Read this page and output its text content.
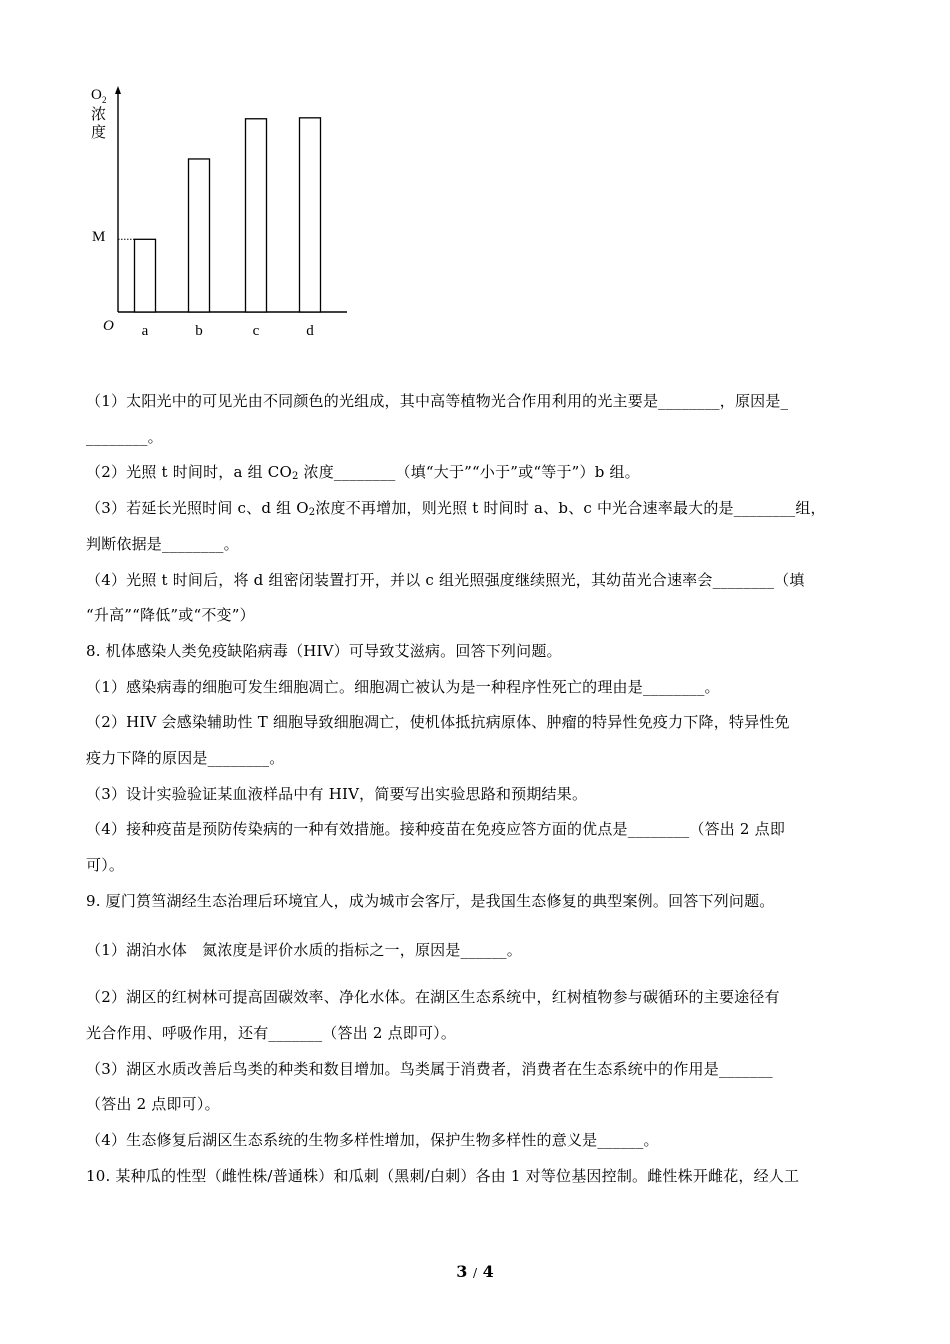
O 2
浓
度
M
O a	b	c	d
（1）太阳光中的可见光由不同颜色的光组成，其中高等植物光合作用利用的光主要是________，原因是_
________。
（2）光照 t 时间时，a 组 $CO_2$ 浓度________（填“大于”“小于”或“等于”）b 组。
（3）若延长光照时间 c、d 组 $O_2$浓度不再增加，则光照 t 时间时 a、b、c 中光合速率最大的是________组，
判断依据是________。
（4）光照 t 时间后，将 d 组密闭装置打开，并以 c 组光照强度继续照光，其幼苗光合速率会________（填
“升高”“降低”或“不变”）
8. 机体感染人类免疫缺陷病毒（HIV）可导致艾滋病。回答下列问题。
（1）感染病毒的细胞可发生细胞凋亡。细胞凋亡被认为是一种程序性死亡的理由是________。
（2）HIV 会感染辅助性 T 细胞导致细胞凋亡，使机体抵抗病原体、肿瘤的特异性免疫力下降，特异性免
疫力下降的原因是________。
（3）设计实验验证某血液样品中有 HIV，简要写出实验思路和预期结果。
（4）接种疫苗是预防传染病的一种有效措施。接种疫苗在免疫应答方面的优点是________（答出 2 点即
可）。
9. 厦门筼筜湖经生态治理后环境宜人，成为城市会客厅，是我国生态修复的典型案例。回答下列问题。
（1）湖泊水体　氮浓度是评价水质的指标之一，原因是______。
（2）湖区的红树林可提高固碳效率、净化水体。在湖区生态系统中，红树植物参与碳循环的主要途径有
光合作用、呼吸作用，还有_______（答出 2 点即可）。
（3）湖区水质改善后鸟类的种类和数目增加。鸟类属于消费者，消费者在生态系统中的作用是_______
（答出 2 点即可）。
（4）生态修复后湖区生态系统的生物多样性增加，保护生物多样性的意义是______。
10. 某种瓜的性型（雌性株/普通株）和瓜刺（黑刺/白刺）各由 1 对等位基因控制。雌性株开雌花，经人工
3 / 4
